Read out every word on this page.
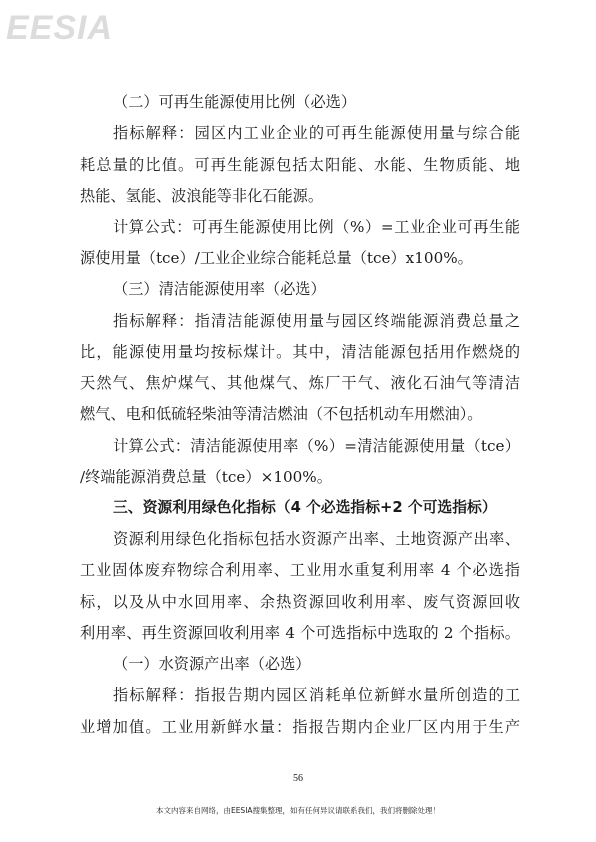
EESIA
（二）可再生能源使用比例（必选）
指标解释：园区内工业企业的可再生能源使用量与综合能
耗总量的比值。可再生能源包括太阳能、水能、生物质能、地
热能、氢能、波浪能等非化石能源。
计算公式：可再生能源使用比例（%）=工业企业可再生能
源使用量（tce）/工业企业综合能耗总量（tce）x100%。
（三）清洁能源使用率（必选）
指标解释：指清洁能源使用量与园区终端能源消费总量之
比，能源使用量均按标煤计。其中，清洁能源包括用作燃烧的
天然气、焦炉煤气、其他煤气、炼厂干气、液化石油气等清洁
燃气、电和低硫轻柴油等清洁燃油（不包括机动车用燃油）。
计算公式：清洁能源使用率（%）=清洁能源使用量（tce）
/终端能源消费总量（tce）×100%。
三、资源利用绿色化指标（4 个必选指标+2 个可选指标）
资源利用绿色化指标包括水资源产出率、土地资源产出率、
工业固体废弃物综合利用率、工业用水重复利用率 4 个必选指
标，以及从中水回用率、余热资源回收利用率、废气资源回收
利用率、再生资源回收利用率 4 个可选指标中选取的 2 个指标。
（一）水资源产出率（必选）
指标解释：指报告期内园区消耗单位新鲜水量所创造的工
业增加值。工业用新鲜水量：指报告期内企业厂区内用于生产
56
本文内容来自网络，由EESIA搜集整理，如有任何异议请联系我们，我们将删除处理！
